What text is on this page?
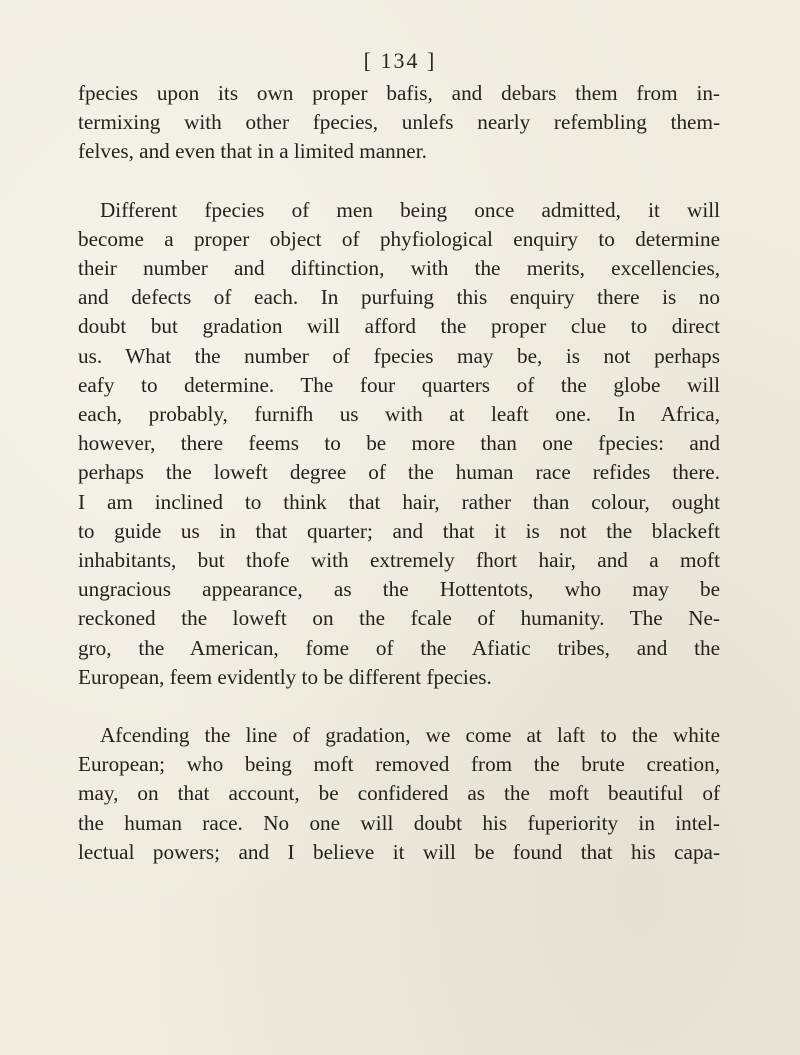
[ 134 ]

fpecies upon its own proper bafis, and debars them from in-
termixing with other fpecies, unlefs nearly refembling them-
felves, and even that in a limited manner.

Different fpecies of men being once admitted, it will
become a proper object of phyfiological enquiry to determine
their number and diftinction, with the merits, excellencies,
and defects of each. In purfuing this enquiry there is no
doubt but gradation will afford the proper clue to direct
us. What the number of fpecies may be, is not perhaps
eafy to determine. The four quarters of the globe will
each, probably, furnifh us with at leaft one. In Africa,
however, there feems to be more than one fpecies: and
perhaps the loweft degree of the human race refides there.
I am inclined to think that hair, rather than colour, ought
to guide us in that quarter; and that it is not the blackeft
inhabitants, but thofe with extremely fhort hair, and a moft
ungracious appearance, as the Hottentots, who may be
reckoned the loweft on the fcale of humanity. The Ne-
gro, the American, fome of the Afiatic tribes, and the
European, feem evidently to be different fpecies.

Afcending the line of gradation, we come at laft to the white
European; who being moft removed from the brute creation,
may, on that account, be confidered as the moft beautiful of
the human race. No one will doubt his fuperiority in intel-
lectual powers; and I believe it will be found that his capa-
